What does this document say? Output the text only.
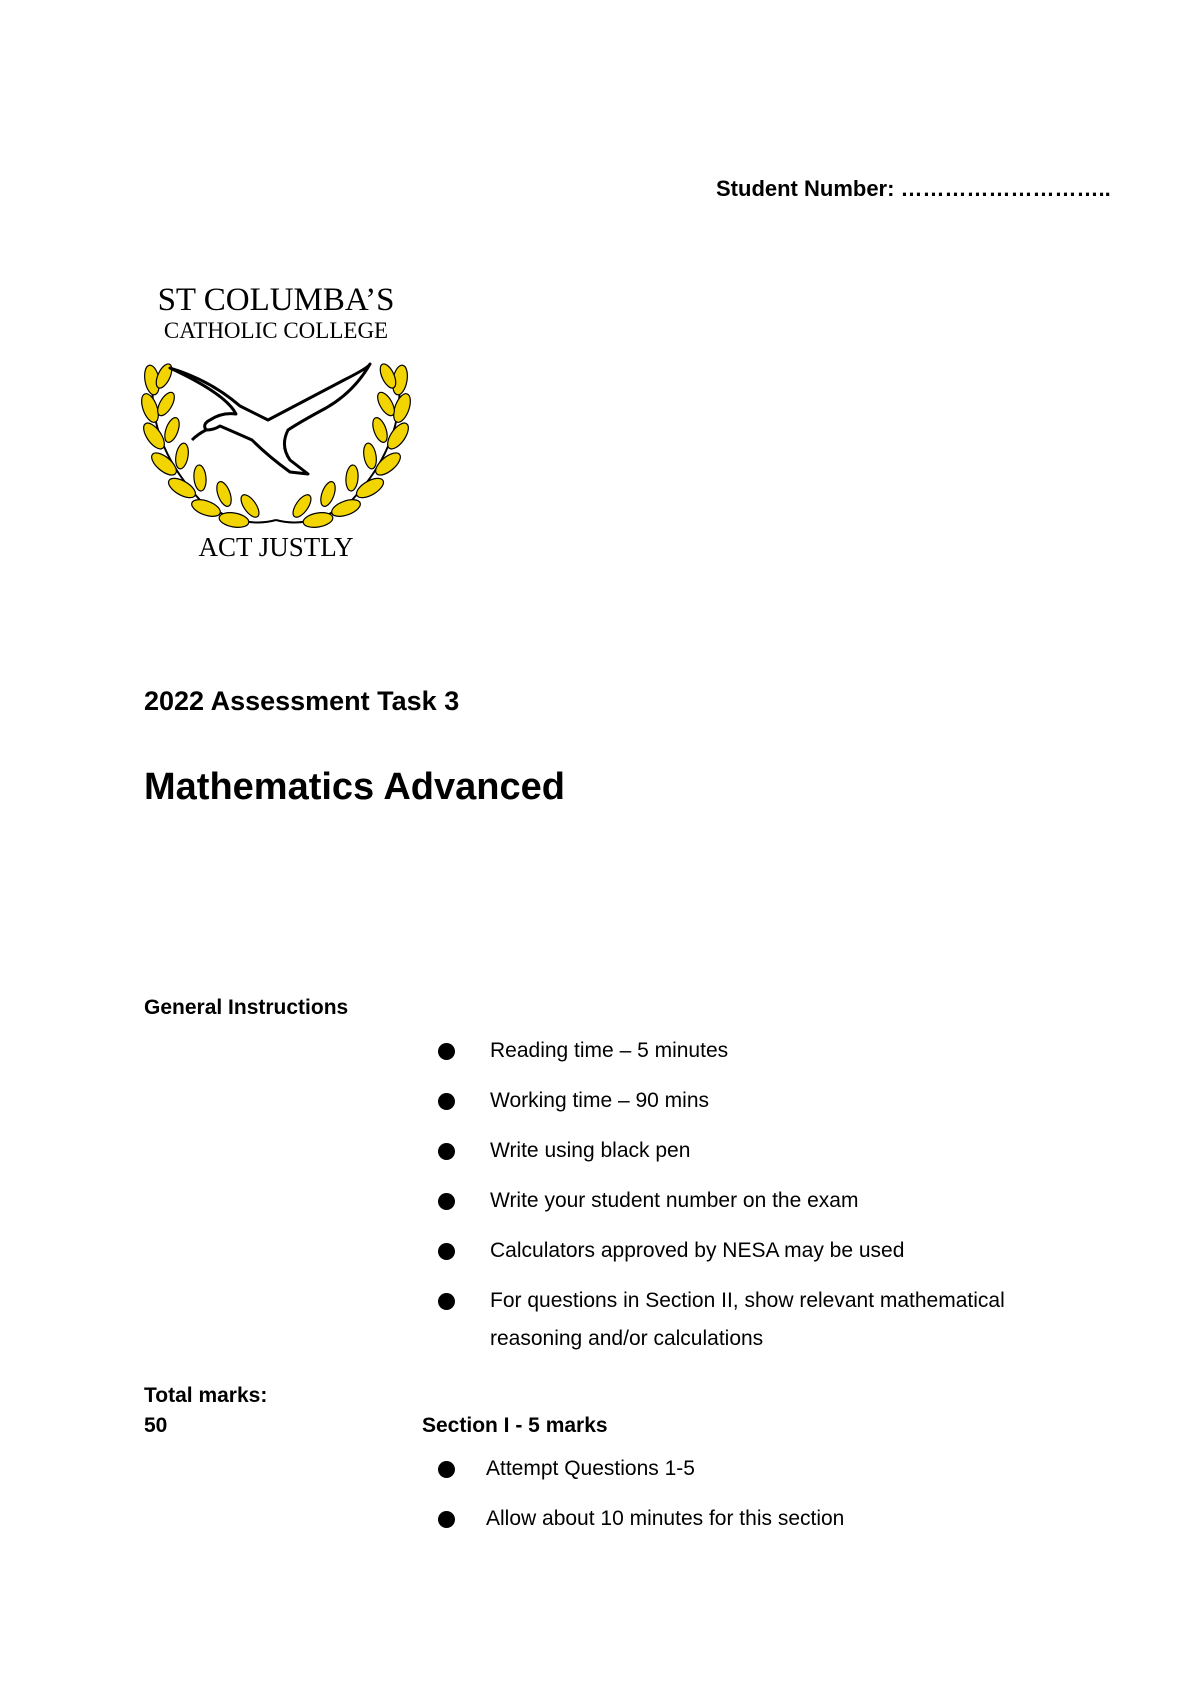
Student Number: ………………………..
ST COLUMBA’S
CATHOLIC COLLEGE
ACT JUSTLY
2022 Assessment Task 3
Mathematics Advanced
General Instructions
Reading time – 5 minutes
Working time – 90 mins
Write using black pen
Write your student number on the exam
Calculators approved by NESA may be used
For questions in Section II, show relevant mathematical reasoning and/or calculations
Total marks:
50	Section I - 5 marks
Attempt Questions 1-5
Allow about 10 minutes for this section
